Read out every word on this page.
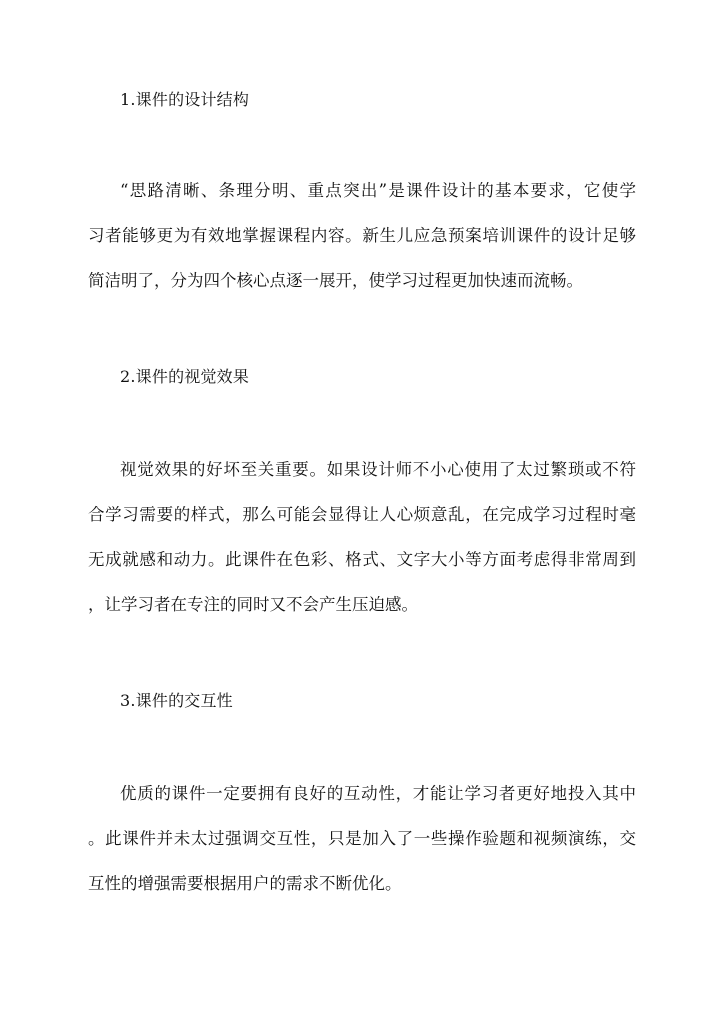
1.课件的设计结构
“思路清晰、条理分明、重点突出”是课件设计的基本要求，它使学
习者能够更为有效地掌握课程内容。新生儿应急预案培训课件的设计足够
简洁明了，分为四个核心点逐一展开，使学习过程更加快速而流畅。
2.课件的视觉效果
视觉效果的好坏至关重要。如果设计师不小心使用了太过繁琐或不符
合学习需要的样式，那么可能会显得让人心烦意乱，在完成学习过程时毫
无成就感和动力。此课件在色彩、格式、文字大小等方面考虑得非常周到
，让学习者在专注的同时又不会产生压迫感。
3.课件的交互性
优质的课件一定要拥有良好的互动性，才能让学习者更好地投入其中
。此课件并未太过强调交互性，只是加入了一些操作验题和视频演练，交
互性的增强需要根据用户的需求不断优化。
